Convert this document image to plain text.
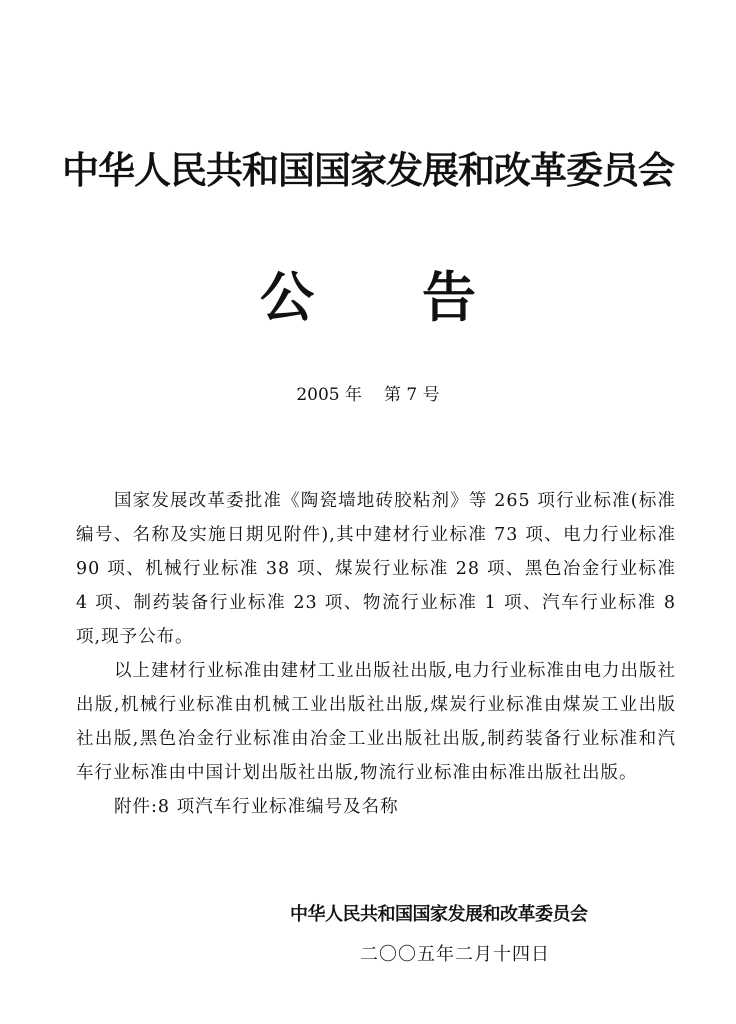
中华人民共和国国家发展和改革委员会
公告
2005 年 第 7 号

国家发展改革委批准《陶瓷墙地砖胶粘剂》等 265 项行业标准(标准编号、名称及实施日期见附件),其中建材行业标准 73 项、电力行业标准 90 项、机械行业标准 38 项、煤炭行业标准 28 项、黑色冶金行业标准 4 项、制药装备行业标准 23 项、物流行业标准 1 项、汽车行业标准 8 项,现予公布。

以上建材行业标准由建材工业出版社出版,电力行业标准由电力出版社出版,机械行业标准由机械工业出版社出版,煤炭行业标准由煤炭工业出版社出版,黑色冶金行业标准由冶金工业出版社出版,制药装备行业标准和汽车行业标准由中国计划出版社出版,物流行业标准由标准出版社出版。

附件:8 项汽车行业标准编号及名称

中华人民共和国国家发展和改革委员会
二〇〇五年二月十四日
